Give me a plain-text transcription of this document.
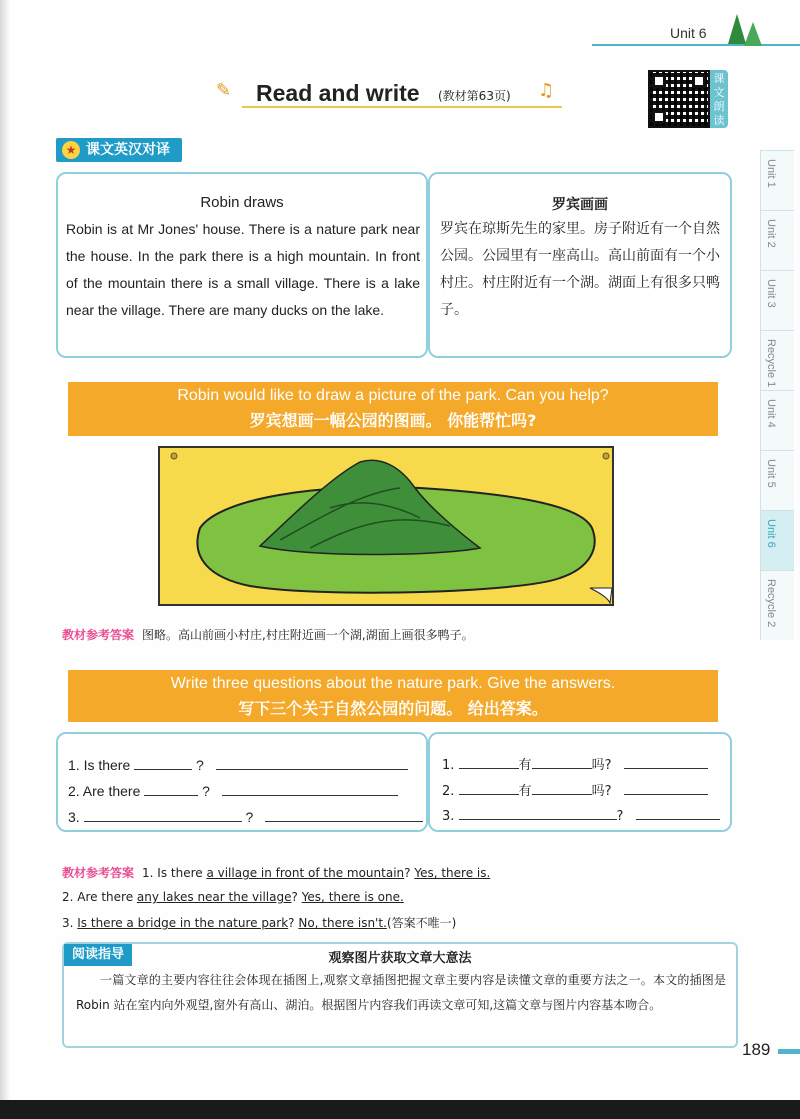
Unit 6
✎ Read and write (教材第63页) ♫
课文朗读
Unit 1
Unit 2
Unit 3
Recycle 1
Unit 4
Unit 5
Unit 6
Recycle 2
★ 课文英汉对译
Robin draws
Robin is at Mr Jones' house. There is a nature park near the house. In the park there is a high mountain. In front of the mountain there is a small village. There is a lake near the village. There are many ducks on the lake.
罗宾画画
罗宾在琼斯先生的家里。房子附近有一个自然公园。公园里有一座高山。高山前面有一个小村庄。村庄附近有一个湖。湖面上有很多只鸭子。
Robin would like to draw a picture of the park. Can you help?
罗宾想画一幅公园的图画。 你能帮忙吗?
教材参考答案 图略。高山前画小村庄,村庄附近画一个湖,湖面上画很多鸭子。
Write three questions about the nature park. Give the answers.
写下三个关于自然公园的问题。 给出答案。
1. Is there	?
2. Are there	?
3.	?
1.	有	吗?
2.	有	吗?
3.	?
教材参考答案 1. Is there a village in front of the mountain? Yes, there is.
2. Are there any lakes near the village? Yes, there is one.
3. Is there a bridge in the nature park? No, there isn't.(答案不唯一)
观察图片获取文章大意法
阅读指导
一篇文章的主要内容往往会体现在插图上,观察文章插图把握文章主要内容是读懂文章的重要方法之一。本文的插图是 Robin 站在室内向外观望,窗外有高山、湖泊。根据图片内容我们再读文章可知,这篇文章与图片内容基本吻合。
189
